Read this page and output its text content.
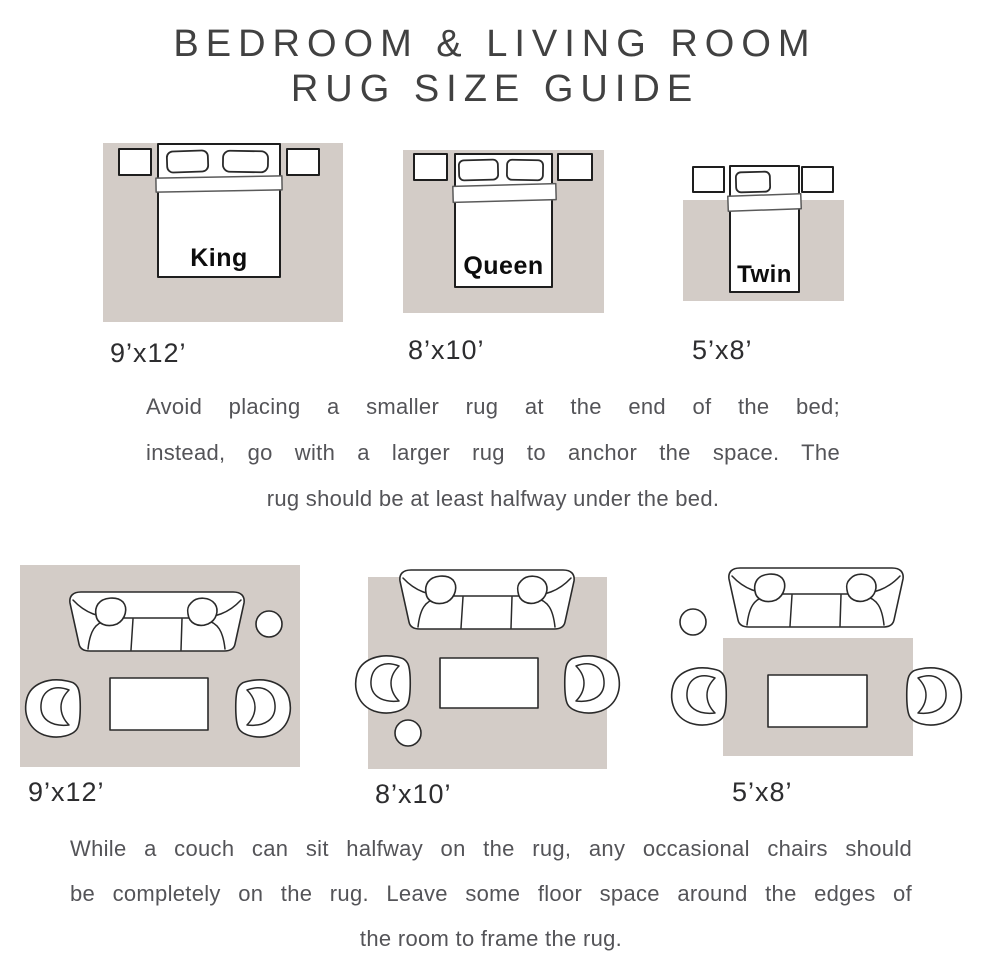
BEDROOM & LIVING ROOM
RUG SIZE GUIDE
King
9’x12’
Queen
8’x10’
Twin
5’x8’
Avoid placing a smaller rug at the end of the bed;
instead, go with a larger rug to anchor the space. The
rug should be at least halfway under the bed.
9’x12’	8’x10’	5’x8’
While a couch can sit halfway on the rug, any occasional chairs should
be completely on the rug. Leave some floor space around the edges of
the room to frame the rug.
